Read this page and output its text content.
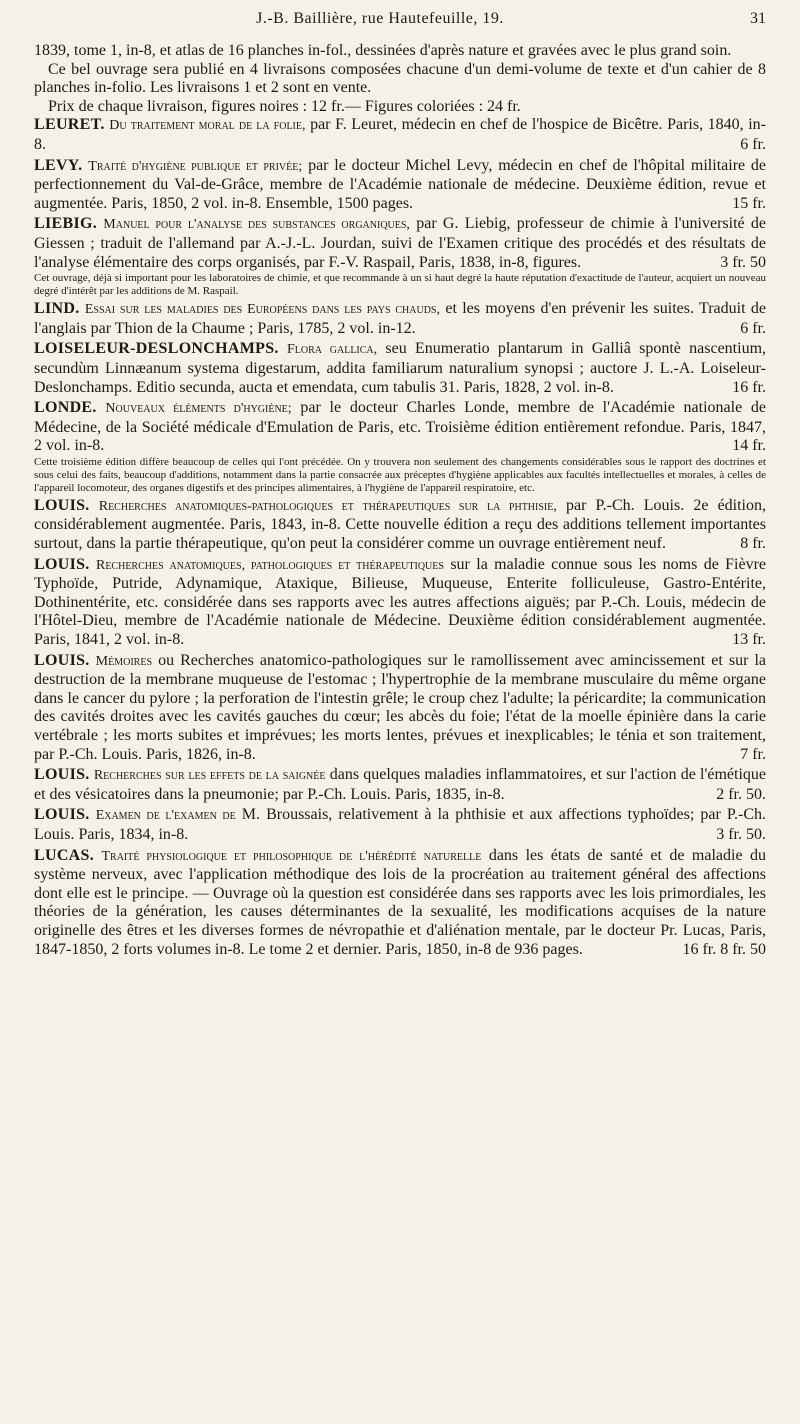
J.-B. Baillière, rue Hautefeuille, 19.	31

1839, tome 1, in-8, et atlas de 16 planches in-fol., dessinées d'après nature et gravées avec le plus grand soin.

Ce bel ouvrage sera publié en 4 livraisons composées chacune d'un demi-volume de texte et d'un cahier de 8 planches in-folio. Les livraisons 1 et 2 sont en vente.

Prix de chaque livraison, figures noires : 12 fr.— Figures coloriées : 24 fr.

LEURET. Du traitement moral de la folie, par F. Leuret, médecin en chef de l'hospice de Bicêtre. Paris, 1840, in-8.	6 fr.

LEVY. Traité d'hygiène publique et privée; par le docteur Michel Levy, médecin en chef de l'hôpital militaire de perfectionnement du Val-de-Grâce, membre de l'Académie nationale de médecine. Deuxième édition, revue et augmentée. Paris, 1850, 2 vol. in-8. Ensemble, 1500 pages.	15 fr.

LIEBIG. Manuel pour l'analyse des substances organiques, par G. Liebig, professeur de chimie à l'université de Giessen ; traduit de l'allemand par A.-J.-L. Jourdan, suivi de l'Examen critique des procédés et des résultats de l'analyse élémentaire des corps organisés, par F.-V. Raspail, Paris, 1838, in-8, figures.	3 fr. 50

Cet ouvrage, déjà si important pour les laboratoires de chimie, et que recommande à un si haut degré la haute réputation d'exactitude de l'auteur, acquiert un nouveau degré d'intérêt par les additions de M. Raspail.

LIND. Essai sur les maladies des Européens dans les pays chauds, et les moyens d'en prévenir les suites. Traduit de l'anglais par Thion de la Chaume ; Paris, 1785, 2 vol. in-12.	6 fr.

LOISELEUR-DESLONCHAMPS. Flora gallica, seu Enumeratio plantarum in Galliâ spontè nascentium, secundùm Linnæanum systema digestarum, addita familiarum naturalium synopsi ; auctore J. L.-A. Loiseleur-Deslonchamps. Editio secunda, aucta et emendata, cum tabulis 31. Paris, 1828, 2 vol. in-8.	16 fr.

LONDE. Nouveaux éléments d'hygiène; par le docteur Charles Londe, membre de l'Académie nationale de Médecine, de la Société médicale d'Emulation de Paris, etc. Troisième édition entièrement refondue. Paris, 1847, 2 vol. in-8.	14 fr.

Cette troisième édition diffère beaucoup de celles qui l'ont précédée. On y trouvera non seulement des changements considérables sous le rapport des doctrines et sous celui des faits, beaucoup d'additions, notamment dans la partie consacrée aux préceptes d'hygiène applicables aux facultés intellectuelles et morales, à celles de l'appareil locomoteur, des organes digestifs et des principes alimentaires, à l'hygiène de l'appareil respiratoire, etc.

LOUIS. Recherches anatomiques-pathologiques et thérapeutiques sur la phthisie, par P.-Ch. Louis. 2e édition, considérablement augmentée. Paris, 1843, in-8. Cette nouvelle édition a reçu des additions tellement importantes surtout, dans la partie thérapeutique, qu'on peut la considérer comme un ouvrage entièrement neuf.	8 fr.

LOUIS. Recherches anatomiques, pathologiques et thérapeutiques sur la maladie connue sous les noms de Fièvre Typhoïde, Putride, Adynamique, Ataxique, Bilieuse, Muqueuse, Enterite folliculeuse, Gastro-Entérite, Dothinentérite, etc. considérée dans ses rapports avec les autres affections aiguës; par P.-Ch. Louis, médecin de l'Hôtel-Dieu, membre de l'Académie nationale de Médecine. Deuxième édition considérablement augmentée. Paris, 1841, 2 vol. in-8.	13 fr.

LOUIS. Mémoires ou Recherches anatomico-pathologiques sur le ramollissement avec amincissement et sur la destruction de la membrane muqueuse de l'estomac ; l'hypertrophie de la membrane musculaire du même organe dans le cancer du pylore ; la perforation de l'intestin grêle; le croup chez l'adulte; la péricardite; la communication des cavités droites avec les cavités gauches du cœur; les abcès du foie; l'état de la moelle épinière dans la carie vertébrale ; les morts subites et imprévues; les morts lentes, prévues et inexplicables; le ténia et son traitement, par P.-Ch. Louis. Paris, 1826, in-8.	7 fr.

LOUIS. Recherches sur les effets de la saignée dans quelques maladies inflammatoires, et sur l'action de l'émétique et des vésicatoires dans la pneumonie; par P.-Ch. Louis. Paris, 1835, in-8.	2 fr. 50.

LOUIS. Examen de l'examen de M. Broussais, relativement à la phthisie et aux affections typhoïdes; par P.-Ch. Louis. Paris, 1834, in-8.	3 fr. 50.

LUCAS. Traité physiologique et philosophique de l'hérédité naturelle dans les états de santé et de maladie du système nerveux, avec l'application méthodique des lois de la procréation au traitement général des affections dont elle est le principe. — Ouvrage où la question est considérée dans ses rapports avec les lois primordiales, les théories de la génération, les causes déterminantes de la sexualité, les modifications acquises de la nature originelle des êtres et les diverses formes de névropathie et d'aliénation mentale, par le docteur Pr. Lucas, Paris, 1847-1850, 2 forts volumes in-8. Le tome 2 et dernier. Paris, 1850, in-8 de 936 pages.	16 fr. 8 fr. 50
